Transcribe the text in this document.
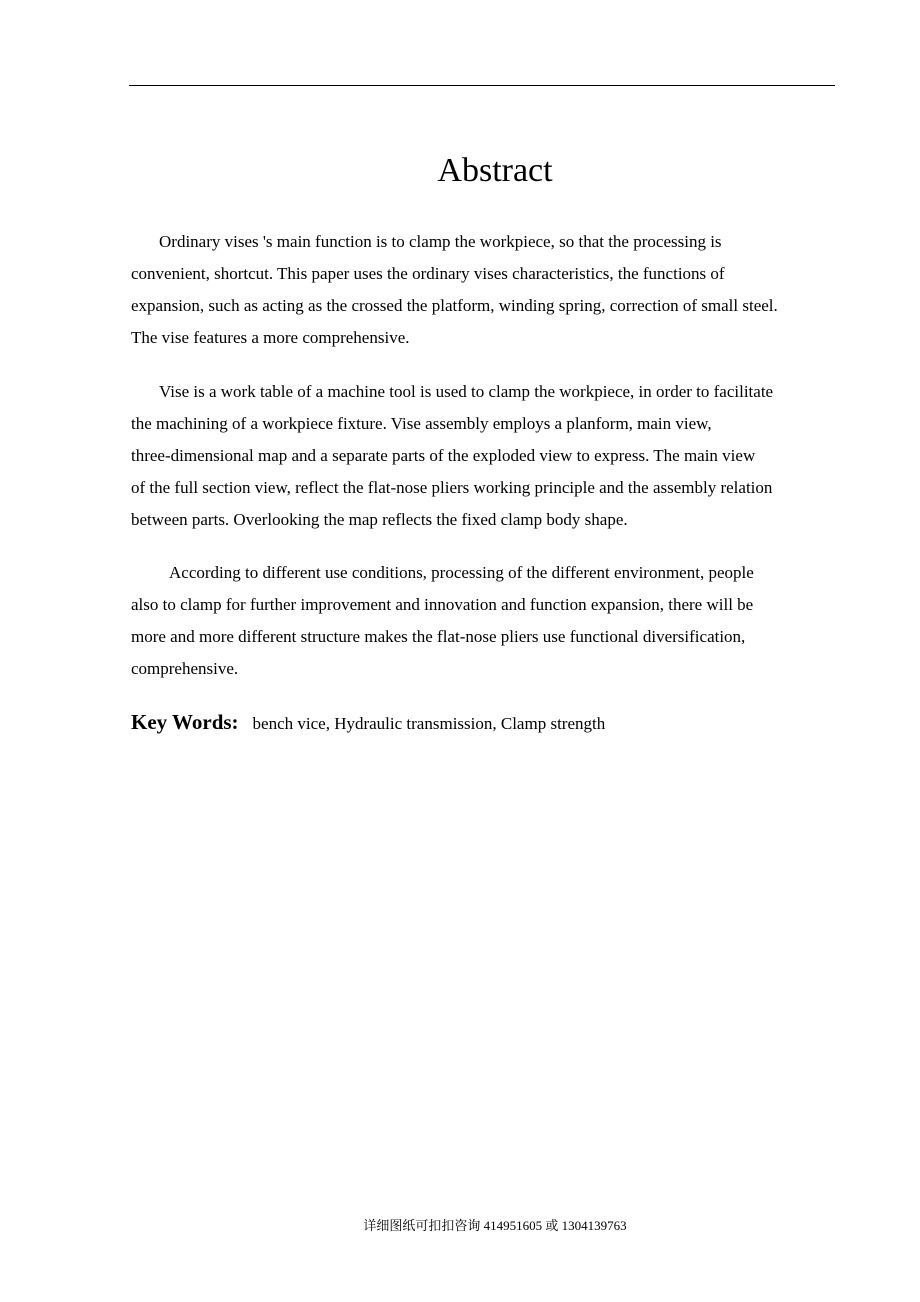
Abstract
Ordinary vises 's main function is to clamp the workpiece, so that the processing is
convenient, shortcut. This paper uses the ordinary vises characteristics, the functions of
expansion, such as acting as the crossed the platform, winding spring, correction of small steel.
The vise features a more comprehensive.
Vise is a work table of a machine tool is used to clamp the workpiece, in order to facilitate
the machining of a workpiece fixture. Vise assembly employs a planform, main view,
three-dimensional map and a separate parts of the exploded view to express. The main view
of the full section view, reflect the flat-nose pliers working principle and the assembly relation
between parts. Overlooking the map reflects the fixed clamp body shape.
According to different use conditions, processing of the different environment, people
also to clamp for further improvement and innovation and function expansion, there will be
more and more different structure makes the flat-nose pliers use functional diversification,
comprehensive.

Key Words: bench vice, Hydraulic transmission, Clamp strength

详细图纸可扣扣咨询 414951605 或 1304139763
